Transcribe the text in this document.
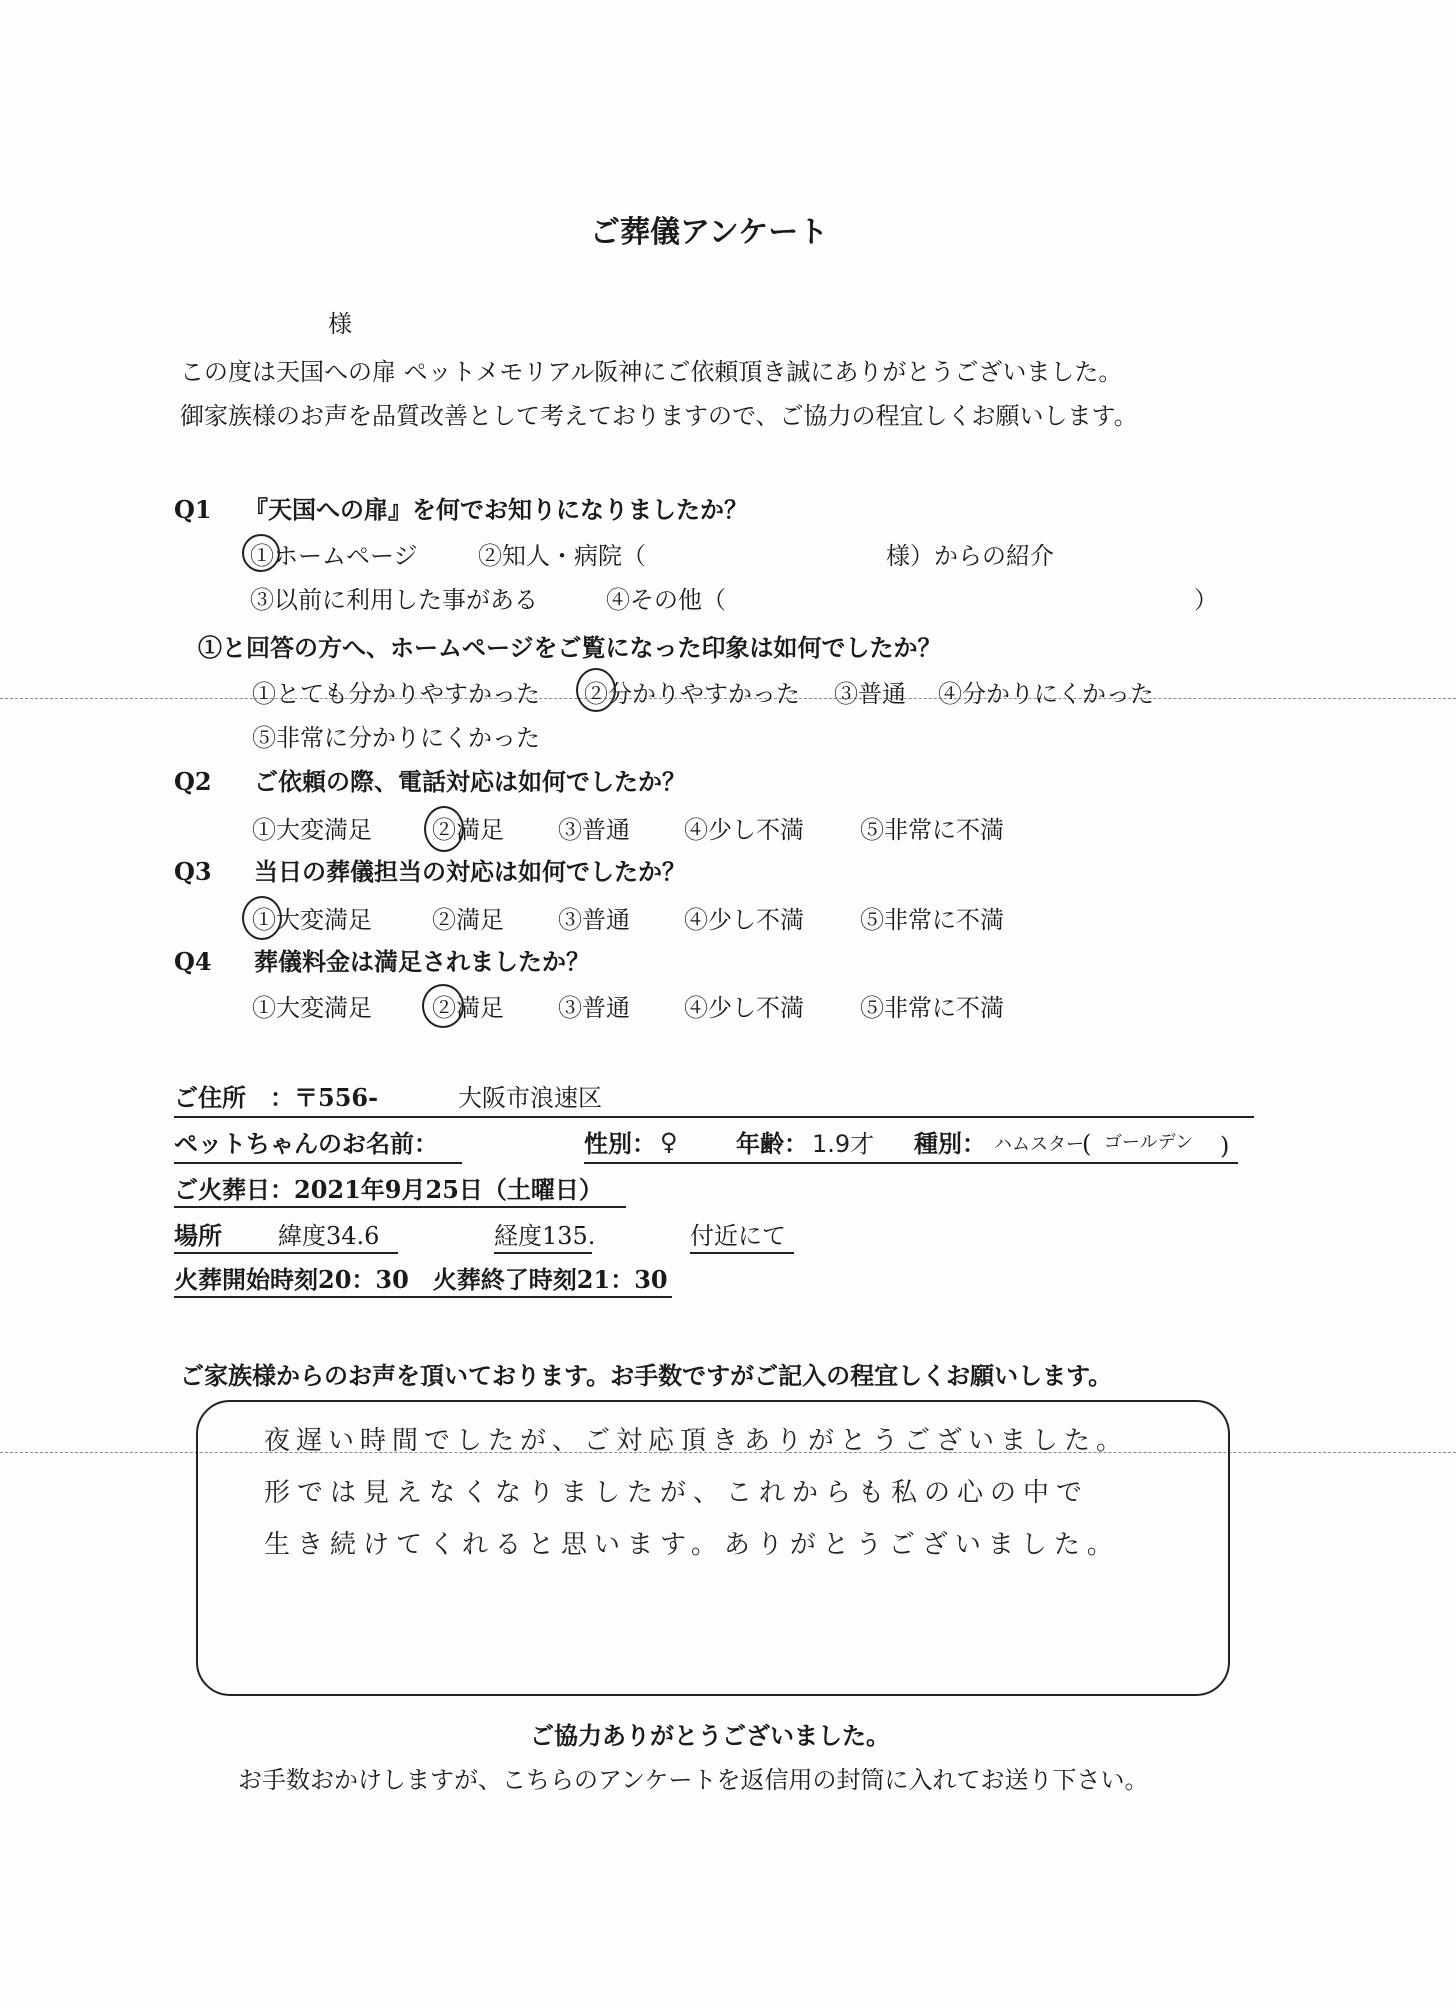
ご葬儀アンケート
様
この度は天国への扉 ペットメモリアル阪神にご依頼頂き誠にありがとうございました。
御家族様のお声を品質改善として考えておりますので、ご協力の程宜しくお願いします。
Q1 『天国への扉』を何でお知りになりましたか？
①ホームページ	②知人・病院（	様）からの紹介
③以前に利用した事がある	④その他（	）
①と回答の方へ、ホームページをご覧になった印象は如何でしたか？
①とても分かりやすかった ②分かりやすかった ③普通 ④分かりにくかった
⑤非常に分かりにくかった
Q2 ご依頼の際、電話対応は如何でしたか？
①大変満足	②満足 ③普通 ④少し不満 ⑤非常に不満
Q3 当日の葬儀担当の対応は如何でしたか？
①大変満足	②満足 ③普通 ④少し不満 ⑤非常に不満
Q4 葬儀料金は満足されましたか？
①大変満足	②満足 ③普通 ④少し不満 ⑤非常に不満
ご住所　：〒556-	大阪市浪速区
ペットちゃんのお名前：	性別： ♀ 年齢： 1.9才 種別： ハムスター
( ゴールデン )
ご火葬日：2021年9月25日（土曜日）
場所 緯度34.6	経度135.	付近にて
火葬開始時刻20：30　火葬終了時刻21：30
ご家族様からのお声を頂いております。お手数ですがご記入の程宜しくお願いします。
夜遅い時間でしたが、ご対応頂きありがとうございました。
形では見えなくなりましたが、これからも私の心の中で
生き続けてくれると思います。ありがとうございました。
ご協力ありがとうございました。
お手数おかけしますが、こちらのアンケートを返信用の封筒に入れてお送り下さい。
